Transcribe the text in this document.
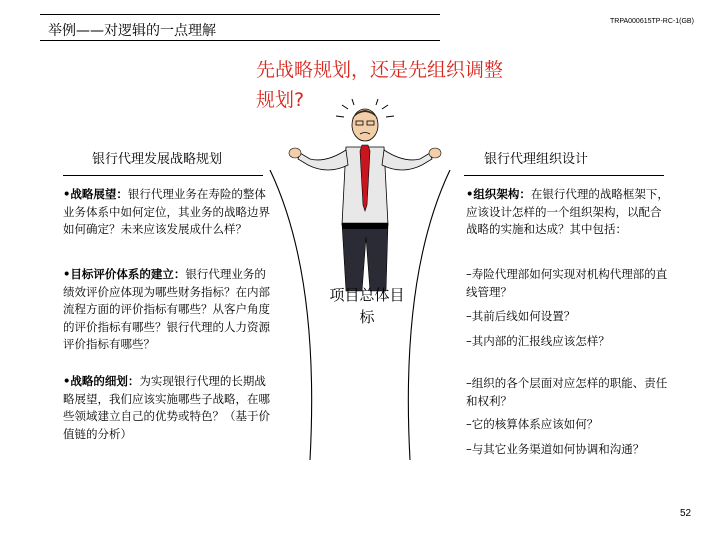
举例——对逻辑的一点理解
TRPA000615TP-RC-1(GB)
先战略规划，还是先组织调整规划?
银行代理发展战略规划
•战略展望：银行代理业务在寿险的整体业务体系中如何定位，其业务的战略边界如何确定？未来应该发展成什么样？
•目标评价体系的建立：银行代理业务的绩效评价应体现为哪些财务指标？在内部流程方面的评价指标有哪些？从客户角度的评价指标有哪些？银行代理的人力资源评价指标有哪些？
•战略的细划：为实现银行代理的长期战略展望，我们应该实施哪些子战略，在哪些领域建立自己的优势或特色？（基于价值链的分析）
项目总体目标
银行代理组织设计
•组织架构：在银行代理的战略框架下，应该设计怎样的一个组织架构，以配合战略的实施和达成？其中包括：
–寿险代理部如何实现对机构代理部的直线管理？
–其前后线如何设置？
–其内部的汇报线应该怎样？
–组织的各个层面对应怎样的职能、责任和权利？
–它的核算体系应该如何？
–与其它业务渠道如何协调和沟通？
52
